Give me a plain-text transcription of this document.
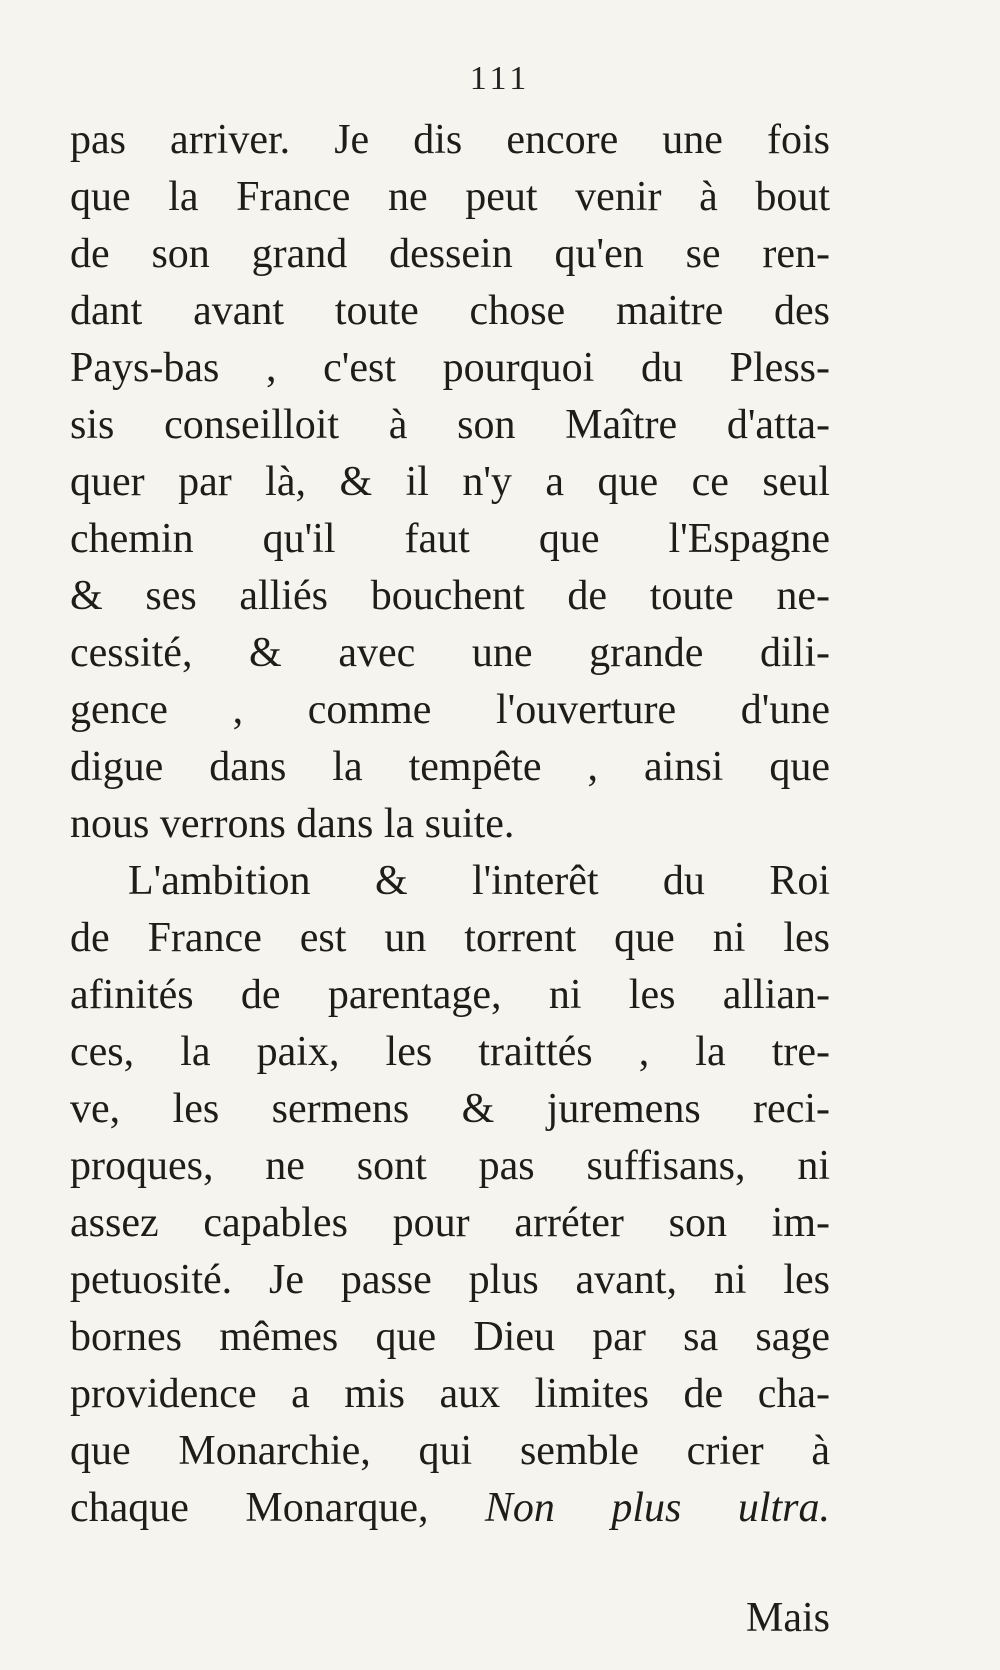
111
pas arriver. Je dis encore une fois
que la France ne peut venir à bout
de son grand dessein qu'en se ren-
dant avant toute chose maitre des
Pays-bas , c'est pourquoi du Pless-
sis conseilloit à son Maître d'atta-
quer par là, & il n'y a que ce seul
chemin qu'il faut que l'Espagne
& ses alliés bouchent de toute ne-
cessité, & avec une grande dili-
gence , comme l'ouverture d'une
digue dans la tempête , ainsi que
nous verrons dans la suite.
L'ambition & l'interêt du Roi
de France est un torrent que ni les
afinités de parentage, ni les allian-
ces, la paix, les traittés , la tre-
ve, les sermens & juremens reci-
proques, ne sont pas suffisans, ni
assez capables pour arréter son im-
petuosité. Je passe plus avant, ni les
bornes mêmes que Dieu par sa sage
providence a mis aux limites de cha-
que Monarchie, qui semble crier à
chaque Monarque, Non plus ultra.
Mais
